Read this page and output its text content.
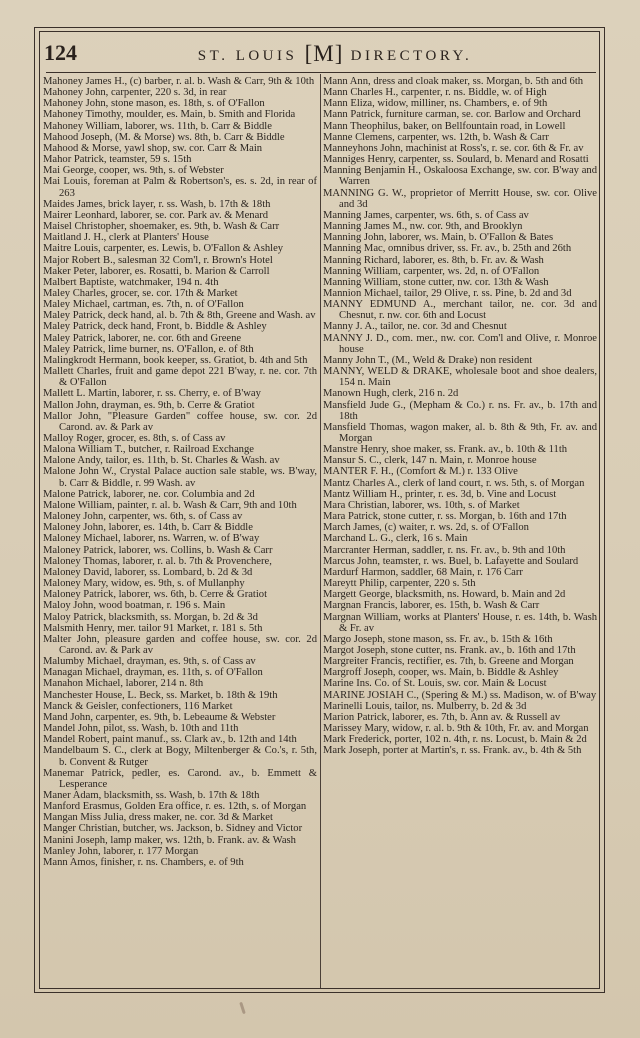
124	ST. LOUIS [M] DIRECTORY.

Mahoney James H., (c) barber, r. al. b. Wash & Carr, 9th & 10th

Mahoney John, carpenter, 220 s. 3d, in rear

Mahoney John, stone mason, es. 18th, s. of O'Fallon

Mahoney Timothy, moulder, es. Main, b. Smith and Florida

Mahoney William, laborer, ws. 11th, b. Carr & Biddle

Mahood Joseph, (M. & Morse) ws. 8th, b. Carr & Biddle

Mahood & Morse, yawl shop, sw. cor. Carr & Main

Mahor Patrick, teamster, 59 s. 15th

Mai George, cooper, ws. 9th, s. of Webster

Mai Louis, foreman at Palm & Robertson's, es. s. 2d, in rear of 263

Maides James, brick layer, r. ss. Wash, b. 17th & 18th

Mairer Leonhard, laborer, se. cor. Park av. & Menard

Maisel Christopher, shoemaker, es. 9th, b. Wash & Carr

Maitland J. H., clerk at Planters' House

Maitre Louis, carpenter, es. Lewis, b. O'Fallon & Ashley

Major Robert B., salesman 32 Com'l, r. Brown's Hotel

Maker Peter, laborer, es. Rosatti, b. Marion & Carroll

Malbert Baptiste, watchmaker, 194 n. 4th

Maley Charles, grocer, se. cor. 17th & Market

Maley Michael, cartman, es. 7th, n. of O'Fallon

Maley Patrick, deck hand, al. b. 7th & 8th, Greene and Wash. av

Maley Patrick, deck hand, Front, b. Biddle & Ashley

Maley Patrick, laborer, ne. cor. 6th and Greene

Maley Patrick, lime burner, ns. O'Fallon, e. of 8th

Malingkrodt Hermann, book keeper, ss. Gratiot, b. 4th and 5th

Mallett Charles, fruit and game depot 221 B'way, r. ne. cor. 7th & O'Fallon

Mallett L. Martin, laborer, r. ss. Cherry, e. of B'way

Mallon John, drayman, es. 9th, b. Cerre & Gratiot

Mallor John, "Pleasure Garden" coffee house, sw. cor. 2d Carond. av. & Park av

Malloy Roger, grocer, es. 8th, s. of Cass av

Malona William T., butcher, r. Railroad Exchange

Malone Andy, tailor, es. 11th, b. St. Charles & Wash. av

Malone John W., Crystal Palace auction sale stable, ws. B'way, b. Carr & Biddle, r. 99 Wash. av

Malone Patrick, laborer, ne. cor. Columbia and 2d

Malone William, painter, r. al. b. Wash & Carr, 9th and 10th

Maloney John, carpenter, ws. 6th, s. of Cass av

Maloney John, laborer, es. 14th, b. Carr & Biddle

Maloney Michael, laborer, ns. Warren, w. of B'way

Maloney Patrick, laborer, ws. Collins, b. Wash & Carr

Maloney Thomas, laborer, r. al. b. 7th & Provenchere,

Maloney David, laborer, ss. Lombard, b. 2d & 3d

Maloney Mary, widow, es. 9th, s. of Mullanphy

Maloney Patrick, laborer, ws. 6th, b. Cerre & Gratiot

Maloy John, wood boatman, r. 196 s. Main

Maloy Patrick, blacksmith, ss. Morgan, b. 2d & 3d

Malsmith Henry, mer. tailor 91 Market, r. 181 s. 5th

Malter John, pleasure garden and coffee house, sw. cor. 2d Carond. av. & Park av

Malumby Michael, drayman, es. 9th, s. of Cass av

Managan Michael, drayman, es. 11th, s. of O'Fallon

Manahon Michael, laborer, 214 n. 8th

Manchester House, L. Beck, ss. Market, b. 18th & 19th

Manck & Geisler, confectioners, 116 Market

Mand John, carpenter, es. 9th, b. Lebeaume & Webster

Mandel John, pilot, ss. Wash, b. 10th and 11th

Mandel Robert, paint manuf., ss. Clark av., b. 12th and 14th

Mandelbaum S. C., clerk at Bogy, Miltenberger & Co.'s, r. 5th, b. Convent & Rutger

Manemar Patrick, pedler, es. Carond. av., b. Emmett & Lesperance

Maner Adam, blacksmith, ss. Wash, b. 17th & 18th

Manford Erasmus, Golden Era office, r. es. 12th, s. of Morgan

Mangan Miss Julia, dress maker, ne. cor. 3d & Market

Manger Christian, butcher, ws. Jackson, b. Sidney and Victor

Manini Joseph, lamp maker, ws. 12th, b. Frank. av. & Wash

Manley John, laborer, r. 177 Morgan

Mann Amos, finisher, r. ns. Chambers, e. of 9th

Mann Ann, dress and cloak maker, ss. Morgan, b. 5th and 6th

Mann Charles H., carpenter, r. ns. Biddle, w. of High

Mann Eliza, widow, milliner, ns. Chambers, e. of 9th

Mann Patrick, furniture carman, se. cor. Barlow and Orchard

Mann Theophilus, baker, on Bellfountain road, in Lowell

Manne Clemens, carpenter, ws. 12th, b. Wash & Carr

Manneyhons John, machinist at Ross's, r. se. cor. 6th & Fr. av

Manniges Henry, carpenter, ss. Soulard, b. Menard and Rosatti

Manning Benjamin H., Oskaloosa Exchange, sw. cor. B'way and Warren

MANNING G. W., proprietor of Merritt House, sw. cor. Olive and 3d

Manning James, carpenter, ws. 6th, s. of Cass av

Manning James M., nw. cor. 9th, and Brooklyn

Manning John, laborer, ws. Main, b. O'Fallon & Bates

Manning Mac, omnibus driver, ss. Fr. av., b. 25th and 26th

Manning Richard, laborer, es. 8th, b. Fr. av. & Wash

Manning William, carpenter, ws. 2d, n. of O'Fallon

Manning William, stone cutter, nw. cor. 13th & Wash

Mannion Michael, tailor, 29 Olive, r. ss. Pine, b. 2d and 3d

MANNY EDMUND A., merchant tailor, ne. cor. 3d and Chesnut, r. nw. cor. 6th and Locust

Manny J. A., tailor, ne. cor. 3d and Chesnut

MANNY J. D., com. mer., nw. cor. Com'l and Olive, r. Monroe house

Manny John T., (M., Weld & Drake) non resident

MANNY, WELD & DRAKE, wholesale boot and shoe dealers, 154 n. Main

Manown Hugh, clerk, 216 n. 2d

Mansfield Jude G., (Mepham & Co.) r. ns. Fr. av., b. 17th and 18th

Mansfield Thomas, wagon maker, al. b. 8th & 9th, Fr. av. and Morgan

Manstre Henry, shoe maker, ss. Frank. av., b. 10th & 11th

Mansur S. C., clerk, 147 n. Main, r. Monroe house

MANTER F. H., (Comfort & M.) r. 133 Olive

Mantz Charles A., clerk of land court, r. ws. 5th, s. of Morgan

Mantz William H., printer, r. es. 3d, b. Vine and Locust

Mara Christian, laborer, ws. 10th, s. of Market

Mara Patrick, stone cutter, r. ss. Morgan, b. 16th and 17th

March James, (c) waiter, r. ws. 2d, s. of O'Fallon

Marchand L. G., clerk, 16 s. Main

Marcranter Herman, saddler, r. ns. Fr. av., b. 9th and 10th

Marcus John, teamster, r. ws. Buel, b. Lafayette and Soulard

Mardurf Harmon, saddler, 68 Main, r. 176 Carr

Mareytt Philip, carpenter, 220 s. 5th

Margett George, blacksmith, ns. Howard, b. Main and 2d

Margnan Francis, laborer, es. 15th, b. Wash & Carr

Margnan William, works at Planters' House, r. es. 14th, b. Wash & Fr. av

Margo Joseph, stone mason, ss. Fr. av., b. 15th & 16th

Margot Joseph, stone cutter, ns. Frank. av., b. 16th and 17th

Margreiter Francis, rectifier, es. 7th, b. Greene and Morgan

Margroff Joseph, cooper, ws. Main, b. Biddle & Ashley

Marine Ins. Co. of St. Louis, sw. cor. Main & Locust

MARINE JOSIAH C., (Spering & M.) ss. Madison, w. of B'way

Marinelli Louis, tailor, ns. Mulberry, b. 2d & 3d

Marion Patrick, laborer, es. 7th, b. Ann av. & Russell av

Marissey Mary, widow, r. al. b. 9th & 10th, Fr. av. and Morgan

Mark Frederick, porter, 102 n. 4th, r. ns. Locust, b. Main & 2d

Mark Joseph, porter at Martin's, r. ss. Frank. av., b. 4th & 5th
